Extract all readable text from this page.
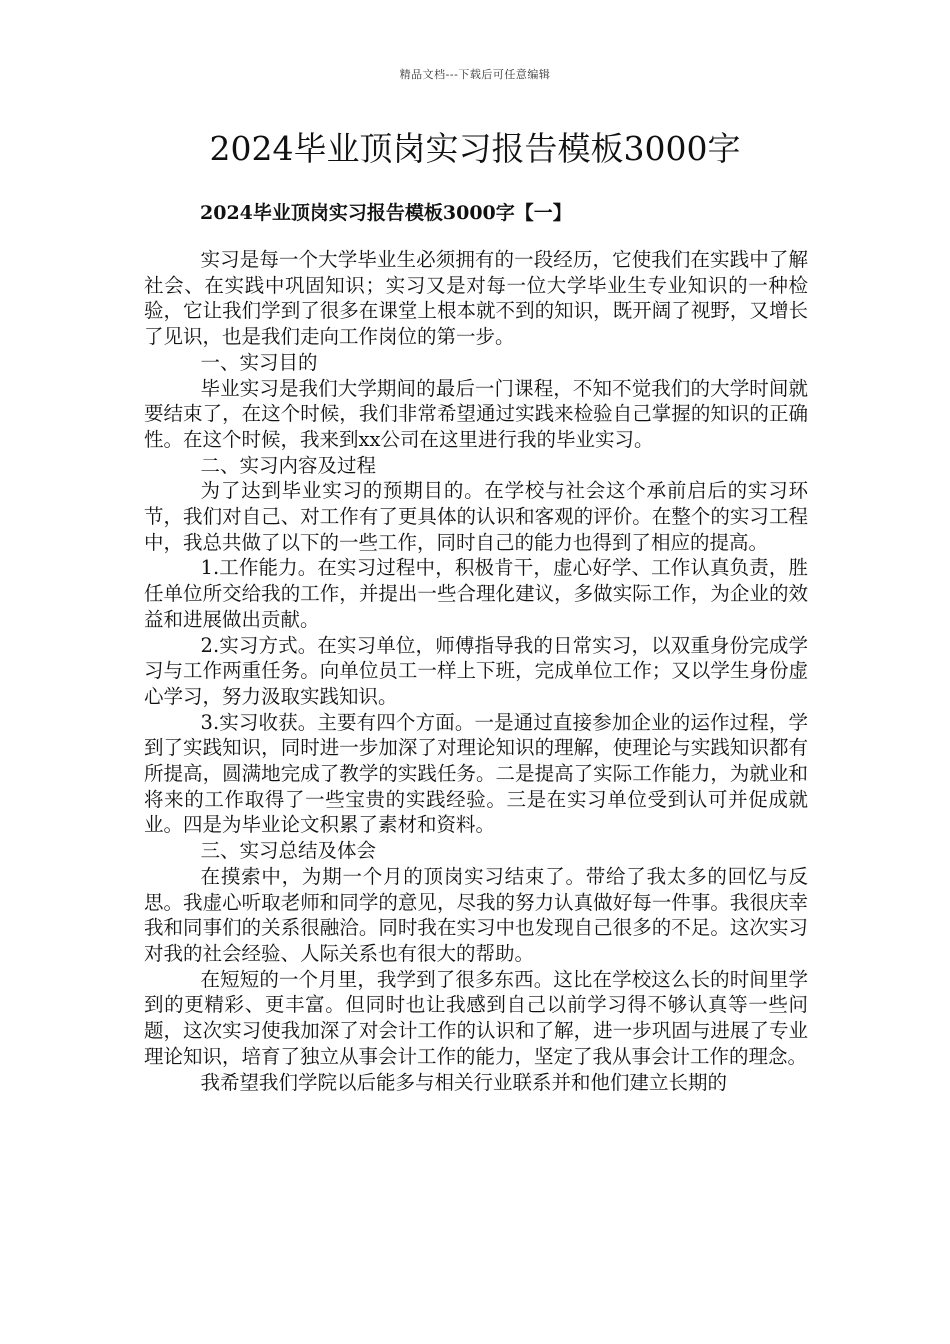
精品文档---下载后可任意编辑
2024毕业顶岗实习报告模板3000字
2024毕业顶岗实习报告模板3000字【一】

实习是每一个大学毕业生必须拥有的一段经历，它使我们在实践中了解社会、在实践中巩固知识；实习又是对每一位大学毕业生专业知识的一种检验，它让我们学到了很多在课堂上根本就不到的知识，既开阔了视野，又增长了见识，也是我们走向工作岗位的第一步。

一、实习目的

毕业实习是我们大学期间的最后一门课程，不知不觉我们的大学时间就要结束了，在这个时候，我们非常希望通过实践来检验自己掌握的知识的正确性。在这个时候，我来到xx公司在这里进行我的毕业实习。

二、实习内容及过程

为了达到毕业实习的预期目的。在学校与社会这个承前启后的实习环节，我们对自己、对工作有了更具体的认识和客观的评价。在整个的实习工程中，我总共做了以下的一些工作，同时自己的能力也得到了相应的提高。

1.工作能力。在实习过程中，积极肯干，虚心好学、工作认真负责，胜任单位所交给我的工作，并提出一些合理化建议，多做实际工作，为企业的效益和进展做出贡献。

2.实习方式。在实习单位，师傅指导我的日常实习，以双重身份完成学习与工作两重任务。向单位员工一样上下班，完成单位工作；又以学生身份虚心学习，努力汲取实践知识。

3.实习收获。主要有四个方面。一是通过直接参加企业的运作过程，学到了实践知识，同时进一步加深了对理论知识的理解，使理论与实践知识都有所提高，圆满地完成了教学的实践任务。二是提高了实际工作能力，为就业和将来的工作取得了一些宝贵的实践经验。三是在实习单位受到认可并促成就业。四是为毕业论文积累了素材和资料。

三、实习总结及体会

在摸索中，为期一个月的顶岗实习结束了。带给了我太多的回忆与反思。我虚心听取老师和同学的意见，尽我的努力认真做好每一件事。我很庆幸我和同事们的关系很融洽。同时我在实习中也发现自己很多的不足。这次实习对我的社会经验、人际关系也有很大的帮助。

在短短的一个月里，我学到了很多东西。这比在学校这么长的时间里学到的更精彩、更丰富。但同时也让我感到自己以前学习得不够认真等一些问题，这次实习使我加深了对会计工作的认识和了解，进一步巩固与进展了专业理论知识，培育了独立从事会计工作的能力，坚定了我从事会计工作的理念。

我希望我们学院以后能多与相关行业联系并和他们建立长期的
